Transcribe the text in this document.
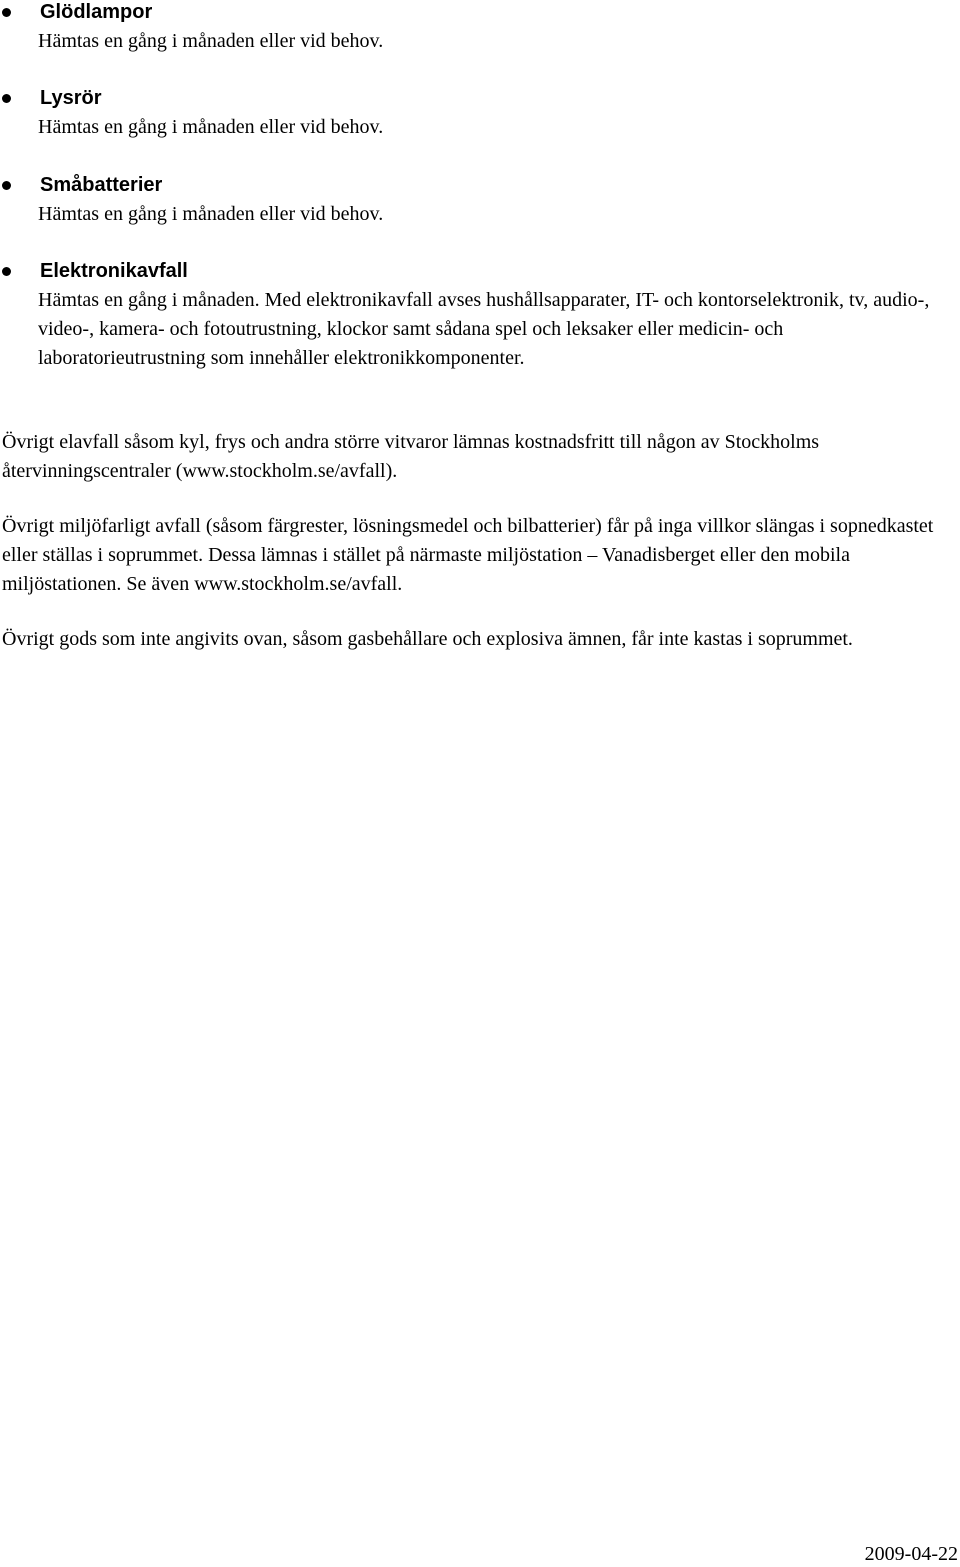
Glödlampor
Hämtas en gång i månaden eller vid behov.
Lysrör
Hämtas en gång i månaden eller vid behov.
Småbatterier
Hämtas en gång i månaden eller vid behov.
Elektronikavfall
Hämtas en gång i månaden. Med elektronikavfall avses hushållsapparater, IT- och kontorselektronik, tv, audio-, video-, kamera- och fotoutrustning, klockor samt sådana spel och leksaker eller medicin- och laboratorieutrustning som innehåller elektronikkomponenter.

Övrigt elavfall såsom kyl, frys och andra större vitvaror lämnas kostnadsfritt till någon av Stockholms återvinningscentraler (www.stockholm.se/avfall).

Övrigt miljöfarligt avfall (såsom färgrester, lösningsmedel och bilbatterier) får på inga villkor slängas i sopnedkastet eller ställas i soprummet. Dessa lämnas i stället på närmaste miljöstation – Vanadisberget eller den mobila miljöstationen. Se även www.stockholm.se/avfall.

Övrigt gods som inte angivits ovan, såsom gasbehållare och explosiva ämnen, får inte kastas i soprummet.

2009-04-22
